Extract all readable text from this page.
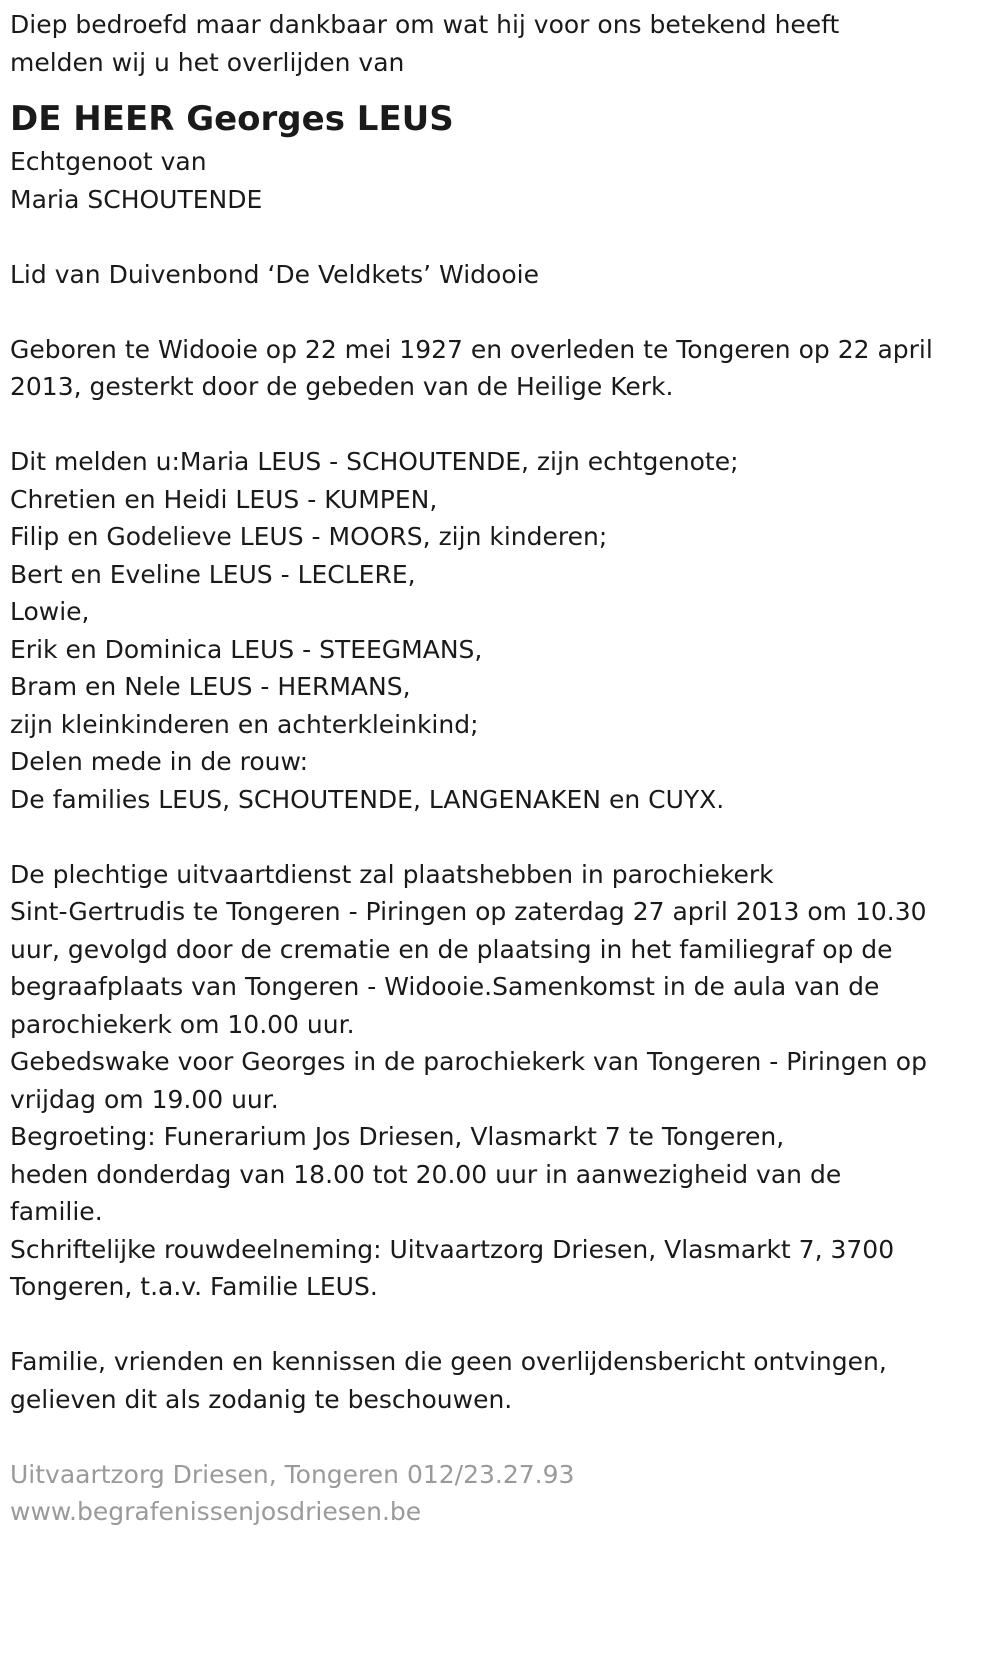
Diep bedroefd maar dankbaar om wat hij voor ons betekend heeft

melden wij u het overlijden van

DE HEER Georges LEUS

Echtgenoot van

Maria SCHOUTENDE

Lid van Duivenbond ‘De Veldkets’ Widooie

Geboren te Widooie op 22 mei 1927 en overleden te Tongeren op 22 april

2013, gesterkt door de gebeden van de Heilige Kerk.

Dit melden u:Maria LEUS - SCHOUTENDE, zijn echtgenote;

Chretien en Heidi LEUS - KUMPEN,

Filip en Godelieve LEUS - MOORS, zijn kinderen;

Bert en Eveline LEUS - LECLERE,

Lowie,

Erik en Dominica LEUS - STEEGMANS,

Bram en Nele LEUS - HERMANS,

zijn kleinkinderen en achterkleinkind;

Delen mede in de rouw:

De families LEUS, SCHOUTENDE, LANGENAKEN en CUYX.

De plechtige uitvaartdienst zal plaatshebben in parochiekerk

Sint-Gertrudis te Tongeren - Piringen op zaterdag 27 april 2013 om 10.30

uur, gevolgd door de crematie en de plaatsing in het familiegraf op de

begraafplaats van Tongeren - Widooie.Samenkomst in de aula van de

parochiekerk om 10.00 uur.

Gebedswake voor Georges in de parochiekerk van Tongeren - Piringen op

vrijdag om 19.00 uur.

Begroeting: Funerarium Jos Driesen, Vlasmarkt 7 te Tongeren,

heden donderdag van 18.00 tot 20.00 uur in aanwezigheid van de

familie.

Schriftelijke rouwdeelneming: Uitvaartzorg Driesen, Vlasmarkt 7, 3700

Tongeren, t.a.v. Familie LEUS.

Familie, vrienden en kennissen die geen overlijdensbericht ontvingen,

gelieven dit als zodanig te beschouwen.

Uitvaartzorg Driesen, Tongeren 012/23.27.93

www.begrafenissenjosdriesen.be
